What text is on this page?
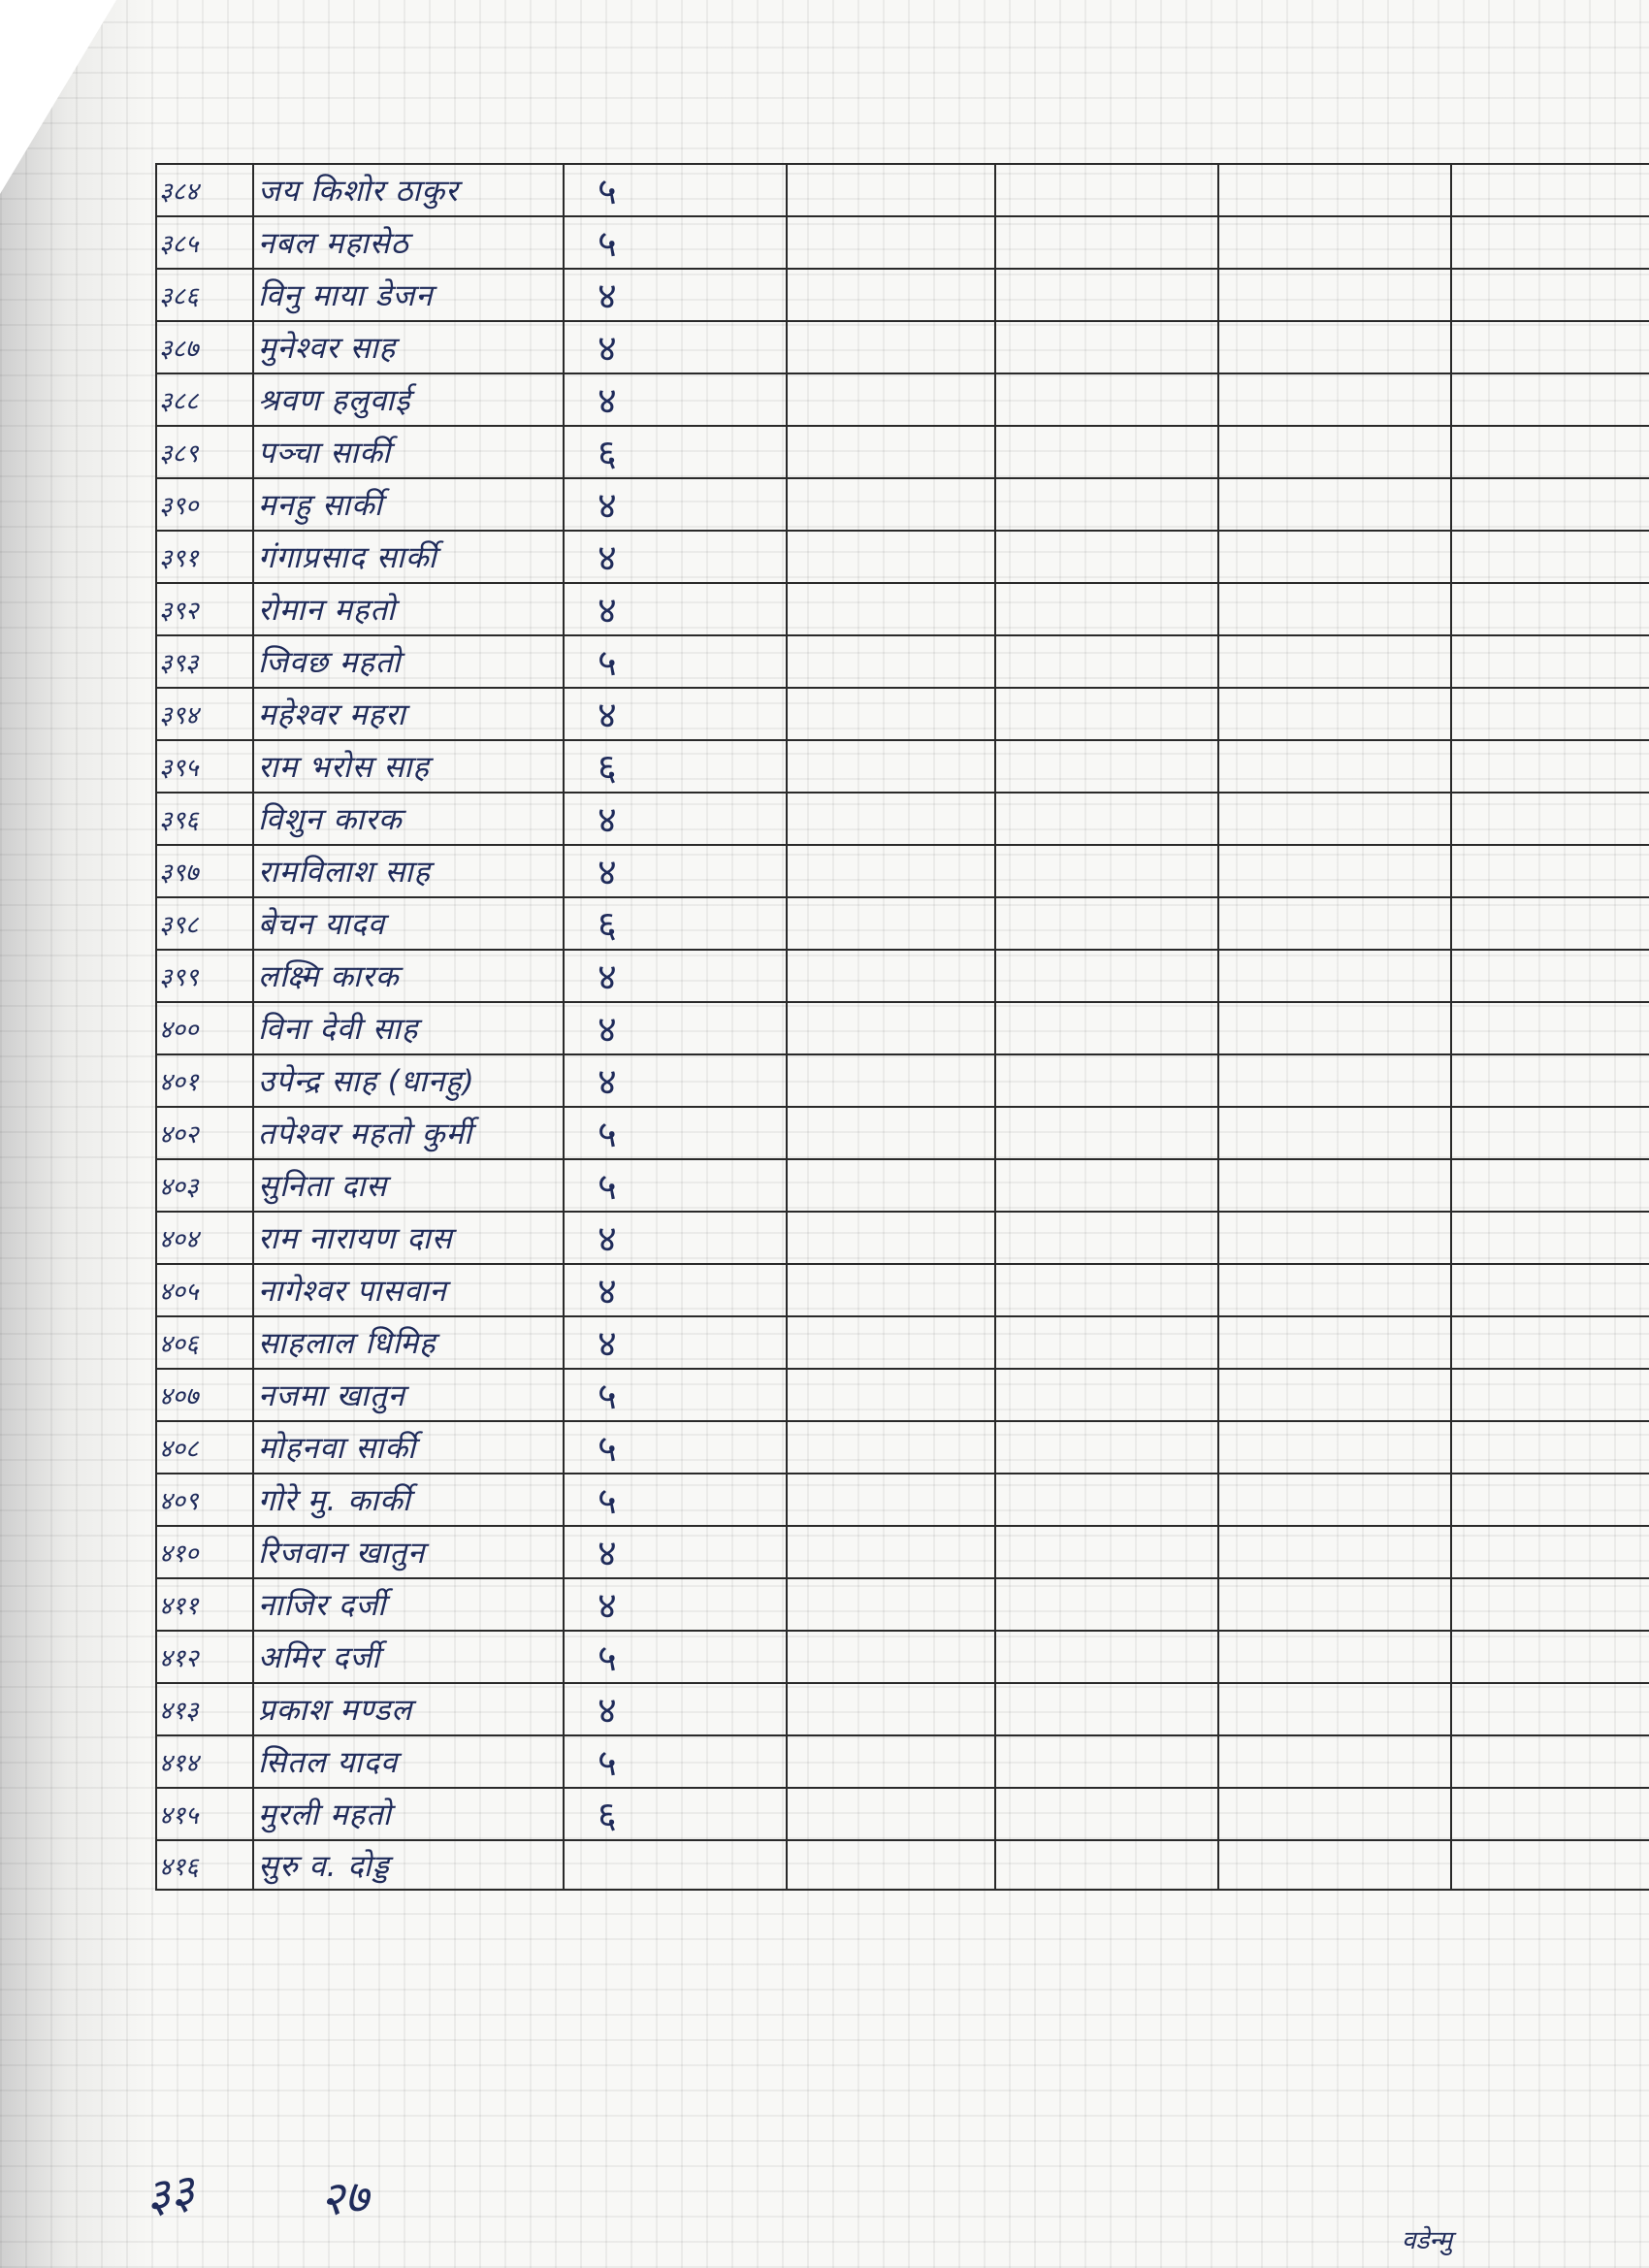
३८४	जय किशोर ठाकुर	५					
३८५	नबल महासेठ	५					
३८६	विनु माया डेजन	४					
३८७	मुनेश्वर साह	४					
३८८	श्रवण हलुवाई	४					
३८९	पञ्चा सार्की	६					
३९०	मनहु सार्की	४					
३९१	गंगाप्रसाद सार्की	४					
३९२	रोमान महतो	४					
३९३	जिवछ महतो	५					
३९४	महेश्वर महरा	४					
३९५	राम भरोस साह	६					
३९६	विशुन कारक	४					
३९७	रामविलाश साह	४					
३९८	बेचन यादव	६					
३९९	लक्ष्मि कारक	४					
४००	विना देवी साह	४					
४०१	उपेन्द्र साह (धानहु)	४					
४०२	तपेश्वर महतो कुर्मी	५					
४०३	सुनिता दास	५					
४०४	राम नारायण दास	४					
४०५	नागेश्वर पासवान	४					
४०६	साहलाल धिमिह	४					
४०७	नजमा खातुन	५					
४०८	मोहनवा सार्की	५					
४०९	गोरे मु. कार्की	५					
४१०	रिजवान खातुन	४					
४११	नाजिर दर्जी	४					
४१२	अमिर दर्जी	५					
४१३	प्रकाश मण्डल	४					
४१४	सितल यादव	५					
४१५	मुरली महतो	६					
४१६	सुरु व. दोड्ड						
३३	२७
वडेन्मु
